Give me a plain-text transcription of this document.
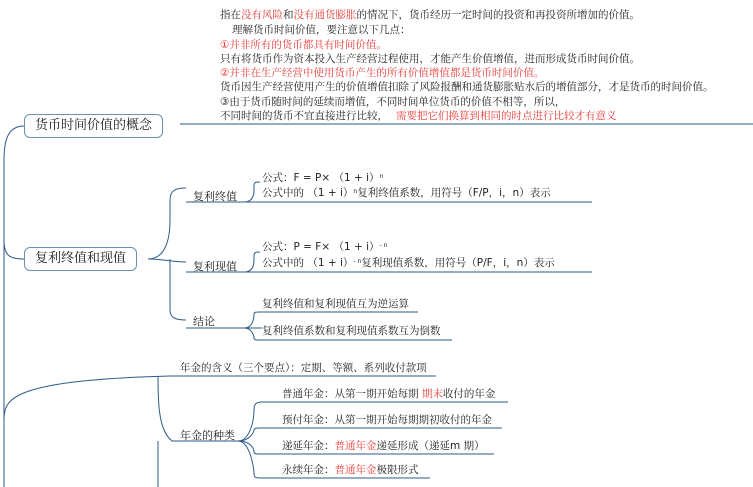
指在没有风险和没有通货膨胀的情况下，货币经历一定时间的投资和再投资所增加的价值。
理解货币时间价值，要注意以下几点：
①并非所有的货币都具有时间价值。
只有将货币作为资本投入生产经营过程使用，才能产生价值增值，进而形成货币时间价值。
②并非在生产经营中使用货币产生的所有价值增值都是货币时间价值。
货币因生产经营使用产生的价值增值扣除了风险报酬和通货膨胀贴水后的增值部分，才是货币的时间价值。
③由于货币随时间的延续而增值，不同时间单位货币的价值不相等，所以，
不同时间的货币不宜直接进行比较， 需要把它们换算到相同的时点进行比较才有意义
货币时间价值的概念
复利终值和现值
复利终值
复利现值
结论
公式：$F = P\times (1 + i)^n$
公式中的 $(1 + i)^n$复利终值系数，用符号（F/P，i，n）表示
公式：$P = F\times (1 + i)^{- n}$
公式中的 $(1 + i)^{- n}$复利现值系数，用符号（P/F，i，n）表示
复利终值和复利现值互为逆运算
复利终值系数和复利现值系数互为倒数
年金的含义（三个要点）：定期、等额、系列收付款项
年金的种类
普通年金：从第一期开始每期 期末收付的年金
预付年金：从第一期开始每期期初收付的年金
递延年金：普通年金递延形成（递延m 期）
永续年金：普通年金极限形式
